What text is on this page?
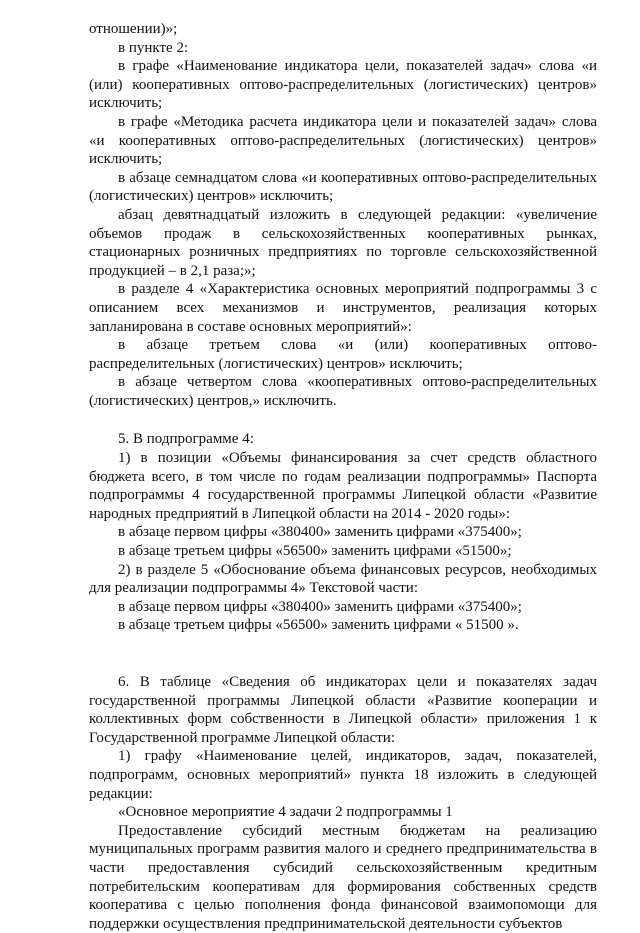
отношении)»;

в пункте 2:

в графе «Наименование индикатора цели, показателей задач» слова «и (или) кооперативных оптово-распределительных (логистических) центров» исключить;

в графе «Методика расчета индикатора цели и показателей задач» слова «и кооперативных оптово-распределительных (логистических) центров» исключить;

в абзаце семнадцатом слова «и кооперативных оптово-распределительных (логистических) центров» исключить;

абзац девятнадцатый изложить в следующей редакции: «увеличение объемов продаж в сельскохозяйственных кооперативных рынках, стационарных розничных предприятиях по торговле сельскохозяйственной продукцией – в 2,1 раза;»;

в разделе 4 «Характеристика основных мероприятий подпрограммы 3 с описанием всех механизмов и инструментов, реализация которых запланирована в составе основных мероприятий»:

в абзаце третьем слова «и (или) кооперативных оптово-распределительных (логистических) центров» исключить;

в абзаце четвертом слова «кооперативных оптово-распределительных (логистических) центров,» исключить.

5. В подпрограмме 4:

1) в позиции «Объемы финансирования за счет средств областного бюджета всего, в том числе по годам реализации подпрограммы» Паспорта подпрограммы 4 государственной программы Липецкой области «Развитие народных предприятий в Липецкой области на 2014 - 2020 годы»:

в абзаце первом цифры «380400» заменить цифрами «375400»;

в абзаце третьем цифры «56500» заменить цифрами «51500»;

2) в разделе 5 «Обоснование объема финансовых ресурсов, необходимых для реализации подпрограммы 4» Текстовой части:

в абзаце первом цифры «380400» заменить цифрами «375400»;

в абзаце третьем цифры «56500» заменить цифрами « 51500 ».

6. В таблице «Сведения об индикаторах цели и показателях задач государственной программы Липецкой области «Развитие кооперации и коллективных форм собственности в Липецкой области» приложения 1 к Государственной программе Липецкой области:

1) графу «Наименование целей, индикаторов, задач, показателей, подпрограмм, основных мероприятий» пункта 18 изложить в следующей редакции:

«Основное мероприятие 4 задачи 2 подпрограммы 1

Предоставление субсидий местным бюджетам на реализацию муниципальных программ развития малого и среднего предпринимательства в части предоставления субсидий сельскохозяйственным кредитным потребительским кооперативам для формирования собственных средств кооператива с целью пополнения фонда финансовой взаимопомощи для поддержки осуществления предпринимательской деятельности субъектов
